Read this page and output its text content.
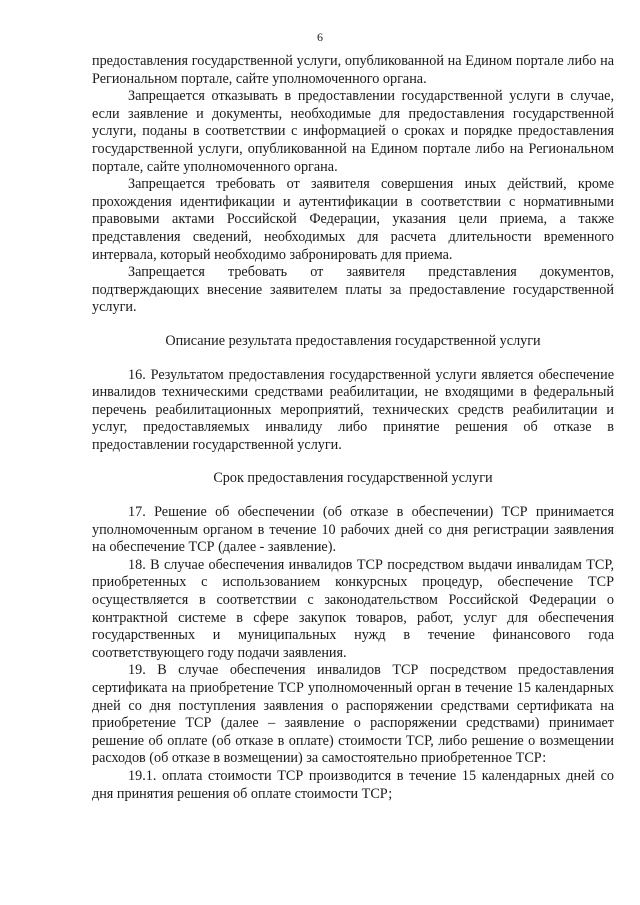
6

предоставления государственной услуги, опубликованной на Едином портале либо на Региональном портале, сайте уполномоченного органа.

Запрещается отказывать в предоставлении государственной услуги в случае, если заявление и документы, необходимые для предоставления государственной услуги, поданы в соответствии с информацией о сроках и порядке предоставления государственной услуги, опубликованной на Едином портале либо на Региональном портале, сайте уполномоченного органа.

Запрещается требовать от заявителя совершения иных действий, кроме прохождения идентификации и аутентификации в соответствии с нормативными правовыми актами Российской Федерации, указания цели приема, а также представления сведений, необходимых для расчета длительности временного интервала, который необходимо забронировать для приема.

Запрещается требовать от заявителя представления документов, подтверждающих внесение заявителем платы за предоставление государственной услуги.

Описание результата предоставления государственной услуги

16. Результатом предоставления государственной услуги является обеспечение инвалидов техническими средствами реабилитации, не входящими в федеральный перечень реабилитационных мероприятий, технических средств реабилитации и услуг, предоставляемых инвалиду либо принятие решения об отказе в предоставлении государственной услуги.

Срок предоставления государственной услуги

17. Решение об обеспечении (об отказе в обеспечении) ТСР принимается уполномоченным органом в течение 10 рабочих дней со дня регистрации заявления на обеспечение ТСР (далее - заявление).

18. В случае обеспечения инвалидов ТСР посредством выдачи инвалидам ТСР, приобретенных с использованием конкурсных процедур, обеспечение ТСР осуществляется в соответствии с законодательством Российской Федерации о контрактной системе в сфере закупок товаров, работ, услуг для обеспечения государственных и муниципальных нужд в течение финансового года соответствующего году подачи заявления.

19. В случае обеспечения инвалидов ТСР посредством предоставления сертификата на приобретение ТСР уполномоченный орган в течение 15 календарных дней со дня поступления заявления о распоряжении средствами сертификата на приобретение ТСР (далее – заявление о распоряжении средствами) принимает решение об оплате (об отказе в оплате) стоимости ТСР, либо решение о возмещении расходов (об отказе в возмещении) за самостоятельно приобретенное ТСР:

19.1. оплата стоимости ТСР производится в течение 15 календарных дней со дня принятия решения об оплате стоимости ТСР;
